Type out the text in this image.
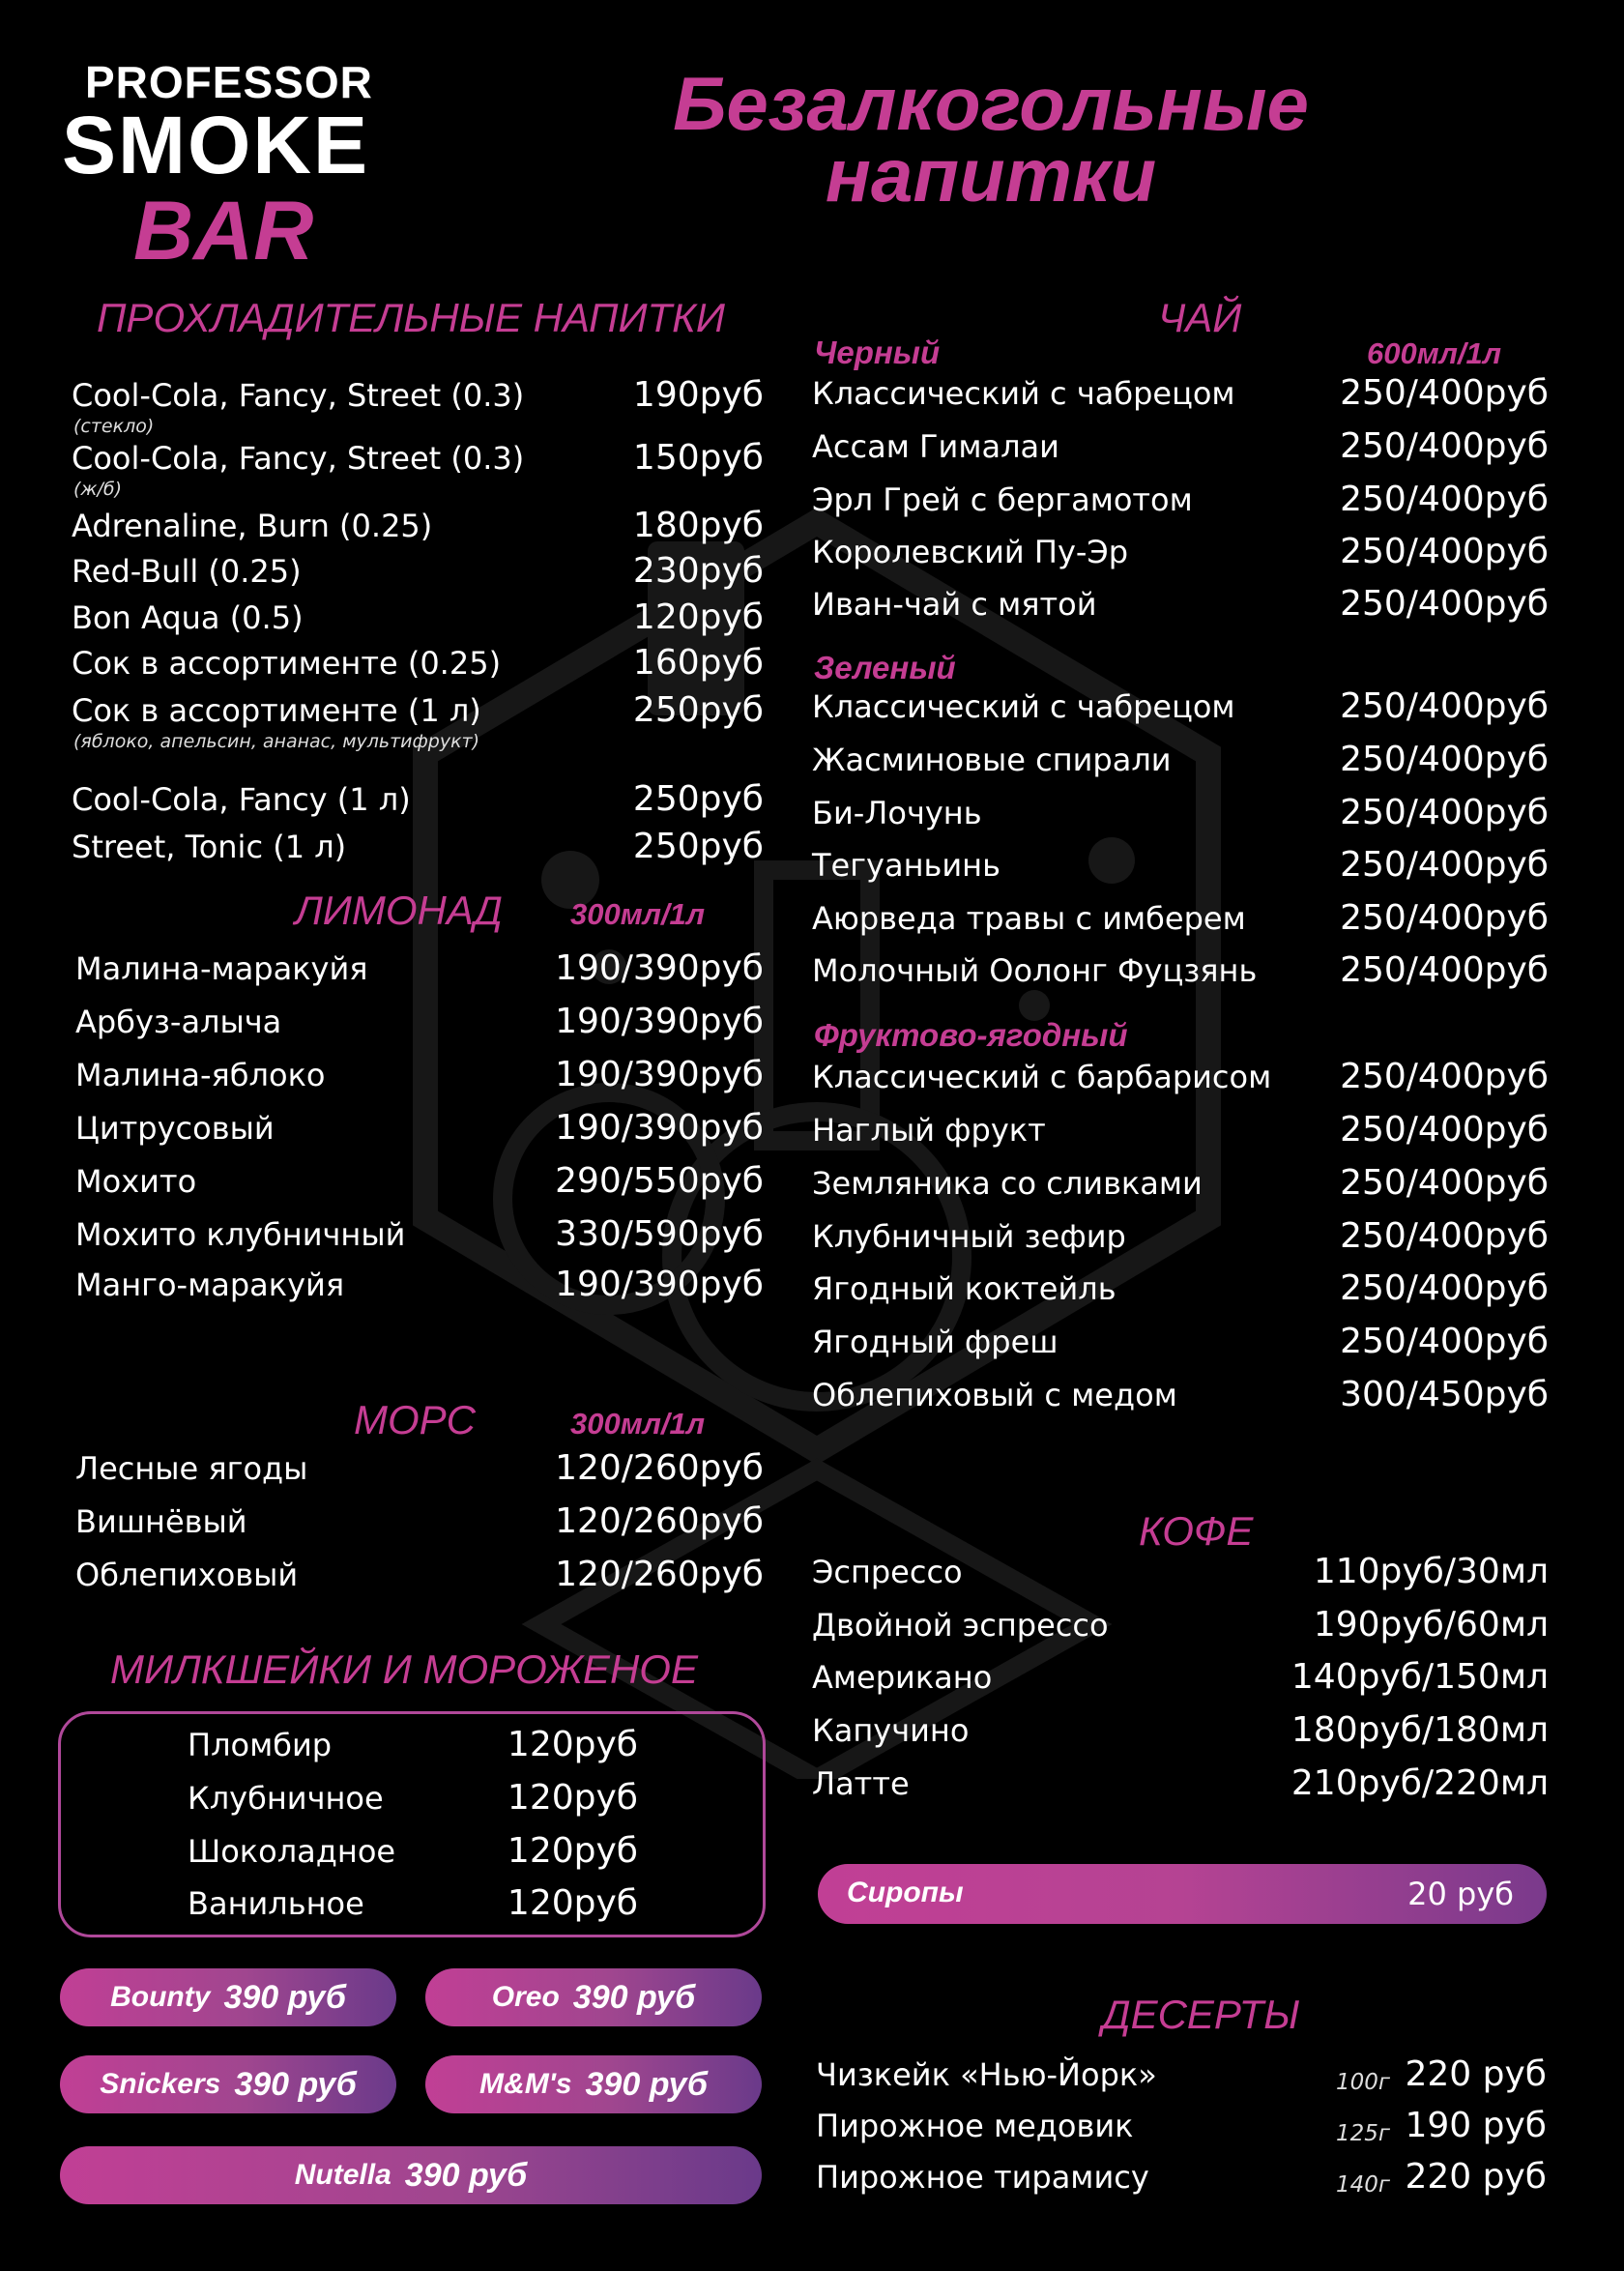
PROFESSOR
SMOKE
BAR
Безалкогольные
напитки
ПРОХЛАДИТЕЛЬНЫЕ НАПИТКИ
Cool-Cola, Fancy, Street (0.3)	190руб
(стекло)
Cool-Cola, Fancy, Street (0.3)	150руб
(ж/б)
Adrenaline, Burn (0.25)	180руб
Red-Bull (0.25)	230руб
Bon Aqua (0.5)	120руб
Сок в ассортименте (0.25)	160руб
Сок в ассортименте (1 л)	250руб
(яблоко, апельсин, ананас, мультифрукт)
Cool-Cola, Fancy (1 л)	250руб
Street, Tonic (1 л)	250руб
ЛИМОНАД 300мл/1л
Малина-маракуйя	190/390руб
Арбуз-алыча	190/390руб
Малина-яблоко	190/390руб
Цитрусовый	190/390руб
Мохито	290/550руб
Мохито клубничный	330/590руб
Манго-маракуйя	190/390руб
МОРС	300мл/1л
Лесные ягоды	120/260руб
Вишнёвый	120/260руб
Облепиховый	120/260руб
МИЛКШЕЙКИ И МОРОЖЕНОЕ
Пломбир	120руб
Клубничное	120руб
Шоколадное	120руб
Ванильное	120руб
Bounty 390 руб	Oreo 390 руб
Snickers 390 руб	M&M's 390 руб
Nutella 390 руб
ЧАЙ
Черный	600мл/1л
Зеленый
Фруктово-ягодный
Классический с чабрецом	250/400руб
Ассам Гималаи	250/400руб
Эрл Грей с бергамотом	250/400руб
Королевский Пу-Эр	250/400руб
Иван-чай с мятой	250/400руб
Классический с чабрецом	250/400руб
Жасминовые спирали	250/400руб
Би-Лочунь	250/400руб
Тегуаньинь	250/400руб
Аюрведа травы с имберем	250/400руб
Молочный Оолонг Фуцзянь 250/400руб
Классический с барбарисом 250/400руб
Наглый фрукт	250/400руб
Земляника со сливками	250/400руб
Клубничный зефир	250/400руб
Ягодный коктейль	250/400руб
Ягодный фреш	250/400руб
Облепиховый с медом	300/450руб
КОФЕ
Эспрессо	110руб/30мл
Двойной эспрессо	190руб/60мл
Американо	140руб/150мл
Капучино	180руб/180мл
Латте	210руб/220мл
Сиропы	20 руб
ДЕСЕРТЫ
Чизкейк «Нью-Йорк»	100г 220 руб
Пирожное медовик	125г 190 руб
Пирожное тирамису	140г 220 руб
